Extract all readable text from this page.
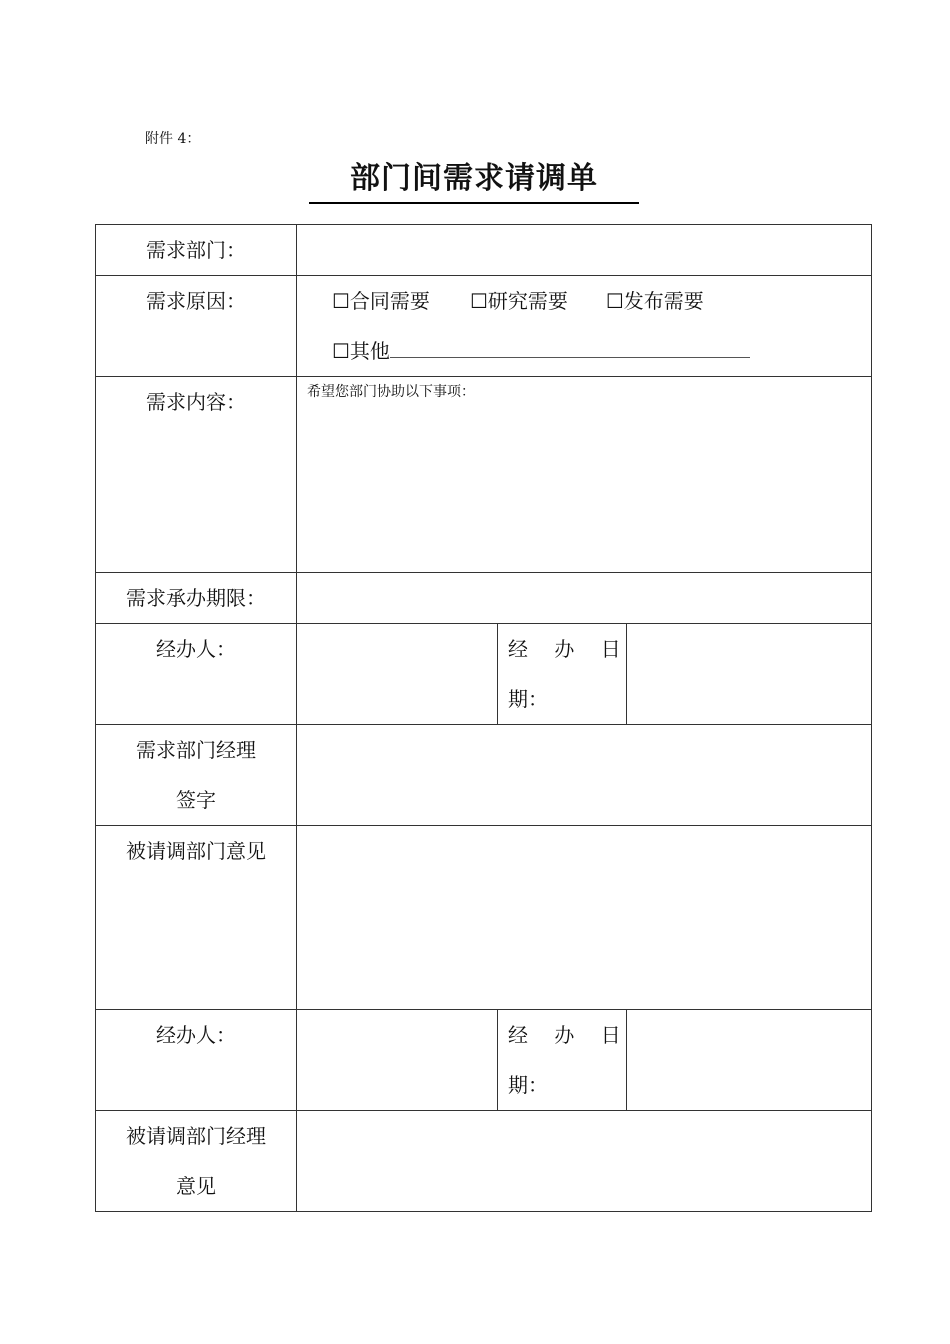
附件 4：
部门间需求请调单
需求部门：			
需求原因：	☐合同需要 ☐研究需要 ☐发布需要
☐其他		
需求内容：	希望您部门协助以下事项：		

需求承办期限：			
经办人：		经 办 日
期：	
需求部门经理
签字			
被请调部门意见			
经办人：		经 办 日
期：	
被请调部门经理
意见			
